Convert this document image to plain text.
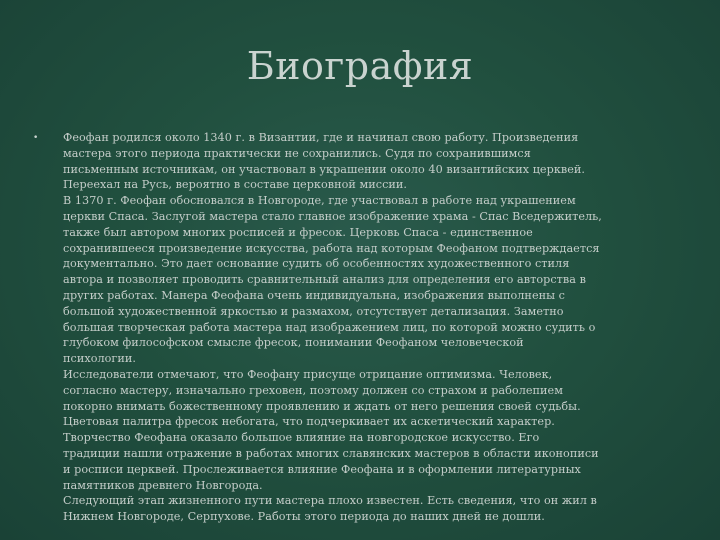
Биография
• Феофан родился около 1340 г. в Византии, где и начинал свою работу. Произведения
мастера этого периода практически не сохранились. Судя по сохранившимся
письменным источникам, он участвовал в украшении около 40 византийских церквей.
Переехал на Русь, вероятно в составе церковной миссии.
В 1370 г. Феофан обосновался в Новгороде, где участвовал в работе над украшением
церкви Спаса. Заслугой мастера стало главное изображение храма - Спас Вседержитель,
также был автором многих росписей и фресок. Церковь Спаса - единственное
сохранившееся произведение искусства, работа над которым Феофаном подтверждается
документально. Это дает основание судить об особенностях художественного стиля
автора и позволяет проводить сравнительный анализ для определения его авторства в
других работах. Манера Феофана очень индивидуальна, изображения выполнены с
большой художественной яркостью и размахом, отсутствует детализация. Заметно
большая творческая работа мастера над изображением лиц, по которой можно судить о
глубоком философском смысле фресок, понимании Феофаном человеческой
психологии.
Исследователи отмечают, что Феофану присуще отрицание оптимизма. Человек,
согласно мастеру, изначально греховен, поэтому должен со страхом и раболепием
покорно внимать божественному проявлению и ждать от него решения своей судьбы.
Цветовая палитра фресок небогата, что подчеркивает их аскетический характер.
Творчество Феофана оказало большое влияние на новгородское искусство. Его
традиции нашли отражение в работах многих славянских мастеров в области иконописи
и росписи церквей. Прослеживается влияние Феофана и в оформлении литературных
памятников древнего Новгорода.
Следующий этап жизненного пути мастера плохо известен. Есть сведения, что он жил в
Нижнем Новгороде, Серпухове. Работы этого периода до наших дней не дошли.
